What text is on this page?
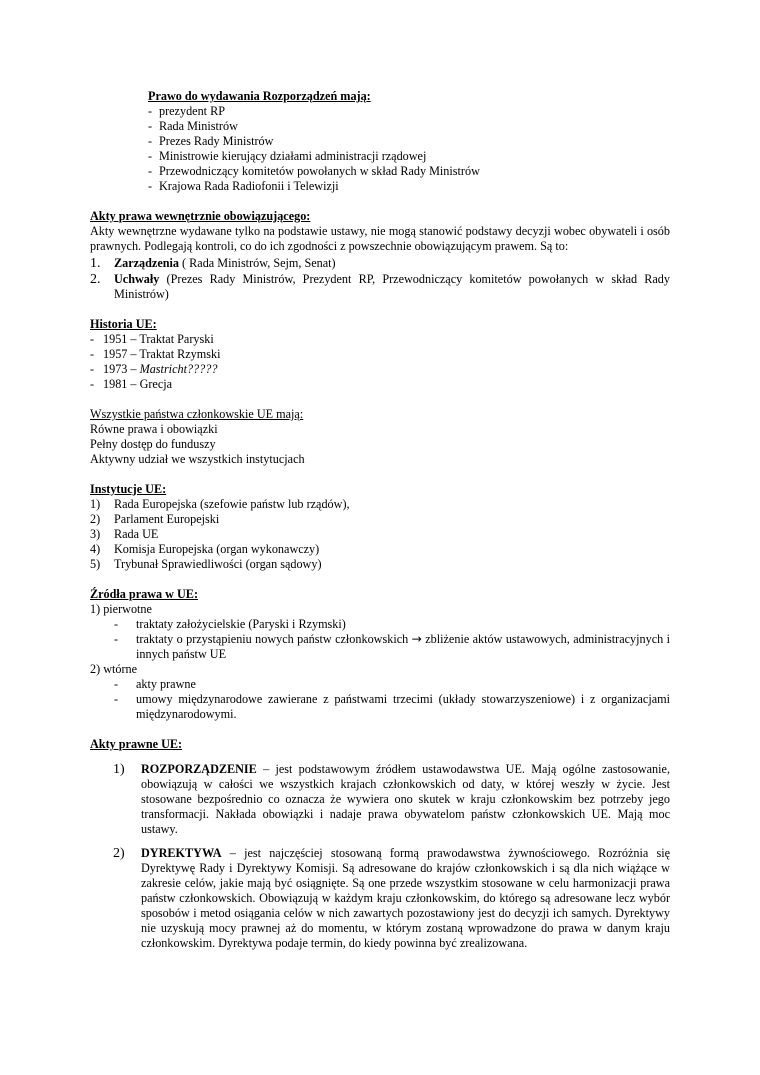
Prawo do wydawania Rozporządzeń mają:
- prezydent RP
- Rada Ministrów
- Prezes Rady Ministrów
- Ministrowie kierujący działami administracji rządowej
- Przewodniczący komitetów powołanych w skład Rady Ministrów
- Krajowa Rada Radiofonii i Telewizji
Akty prawa wewnętrznie obowiązującego:
Akty wewnętrzne wydawane tylko na podstawie ustawy, nie mogą stanowić podstawy decyzji wobec obywateli i osób prawnych. Podlegają kontroli, co do ich zgodności z powszechnie obowiązującym prawem. Są to:
1.	Zarządzenia ( Rada Ministrów, Sejm, Senat)
2.	Uchwały (Prezes Rady Ministrów, Prezydent RP, Przewodniczący komitetów powołanych w skład Rady Ministrów)
Historia UE:
- 1951 – Traktat Paryski
- 1957 – Traktat Rzymski
- 1973 – Mastricht?????
- 1981 – Grecja
Wszystkie państwa członkowskie UE mają:
Równe prawa i obowiązki
Pełny dostęp do funduszy
Aktywny udział we wszystkich instytucjach
Instytucje UE:
1)	Rada Europejska (szefowie państw lub rządów),
2)	Parlament Europejski
3)	Rada UE
4)	Komisja Europejska (organ wykonawczy)
5)	Trybunał Sprawiedliwości (organ sądowy)
Źródła prawa w UE:
1) pierwotne
-	traktaty założycielskie (Paryski i Rzymski)
-	traktaty o przystąpieniu nowych państw członkowskich → zbliżenie aktów ustawowych, administracyjnych i innych państw UE
2) wtórne
-	akty prawne
-	umowy międzynarodowe zawierane z państwami trzecimi (układy stowarzyszeniowe) i z organizacjami międzynarodowymi.
Akty prawne UE:
1)	ROZPORZĄDZENIE – jest podstawowym źródłem ustawodawstwa UE. Mają ogólne zastosowanie, obowiązują w całości we wszystkich krajach członkowskich od daty, w której weszły w życie. Jest stosowane bezpośrednio co oznacza że wywiera ono skutek w kraju członkowskim bez potrzeby jego transformacji. Nakłada obowiązki i nadaje prawa obywatelom państw członkowskich UE. Mają moc ustawy.
2)	DYREKTYWA – jest najczęściej stosowaną formą prawodawstwa żywnościowego. Rozróżnia się Dyrektywę Rady i Dyrektywy Komisji. Są adresowane do krajów członkowskich i są dla nich wiążące w zakresie celów, jakie mają być osiągnięte. Są one przede wszystkim stosowane w celu harmonizacji prawa państw członkowskich. Obowiązują w każdym kraju członkowskim, do którego są adresowane lecz wybór sposobów i metod osiągania celów w nich zawartych pozostawiony jest do decyzji ich samych. Dyrektywy nie uzyskują mocy prawnej aż do momentu, w którym zostaną wprowadzone do prawa w danym kraju członkowskim. Dyrektywa podaje termin, do kiedy powinna być zrealizowana.
